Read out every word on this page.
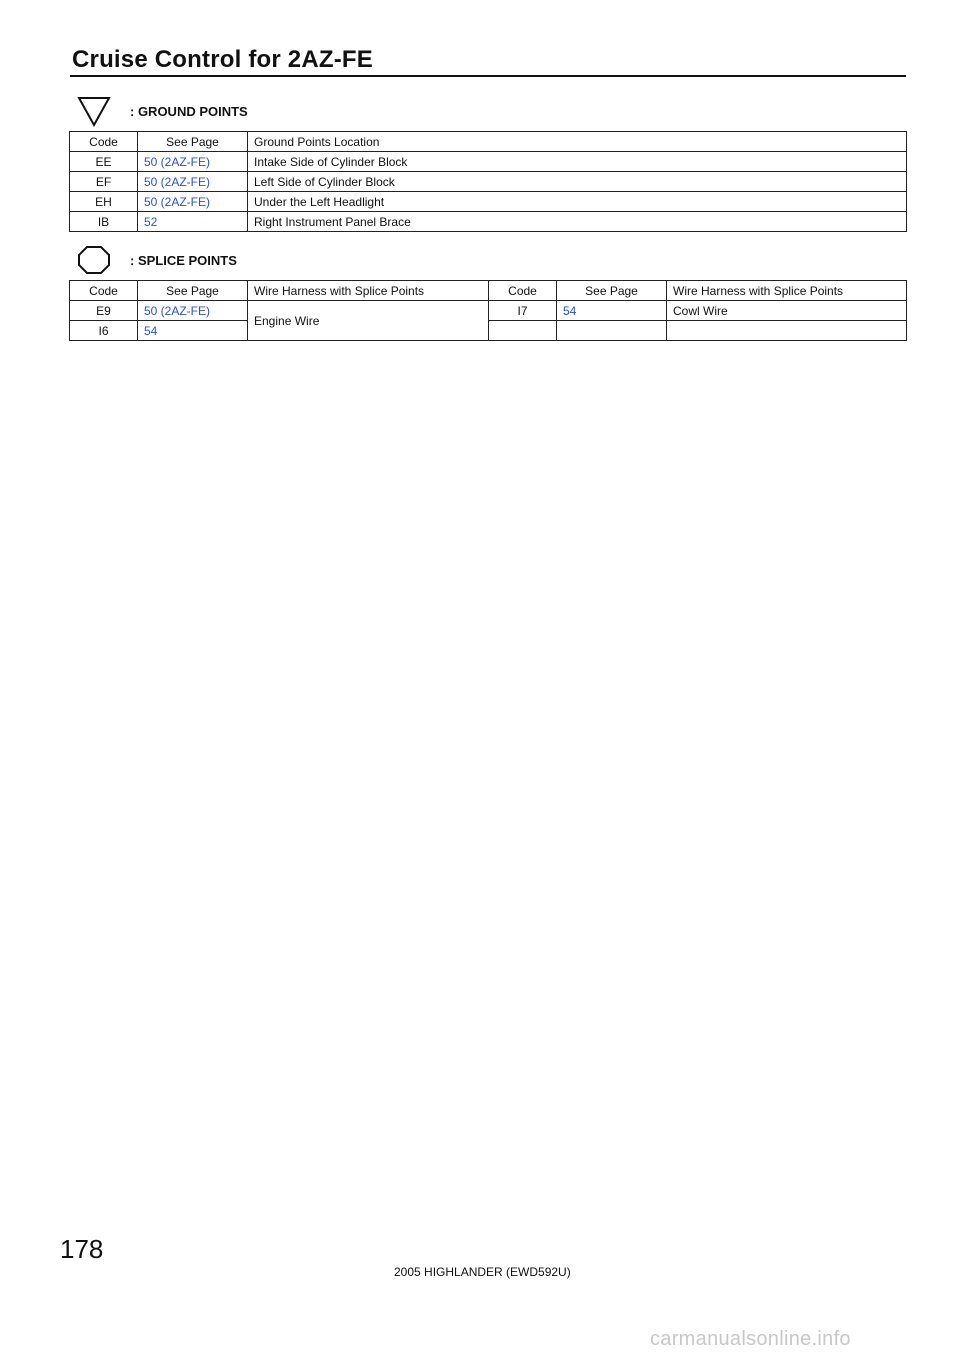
Cruise Control for 2AZ-FE
: GROUND POINTS
Code	See Page	Ground Points Location
EE	50 (2AZ-FE)	Intake Side of Cylinder Block
EF	50 (2AZ-FE)	Left Side of Cylinder Block
EH	50 (2AZ-FE)	Under the Left Headlight
IB	52	Right Instrument Panel Brace
: SPLICE POINTS
Code	See Page	Wire Harness with Splice Points	Code	See Page	Wire Harness with Splice Points
E9	50 (2AZ-FE)	Engine Wire	I7	54	Cowl Wire
I6	54				
178
2005 HIGHLANDER (EWD592U)
carmanualsonline.info
